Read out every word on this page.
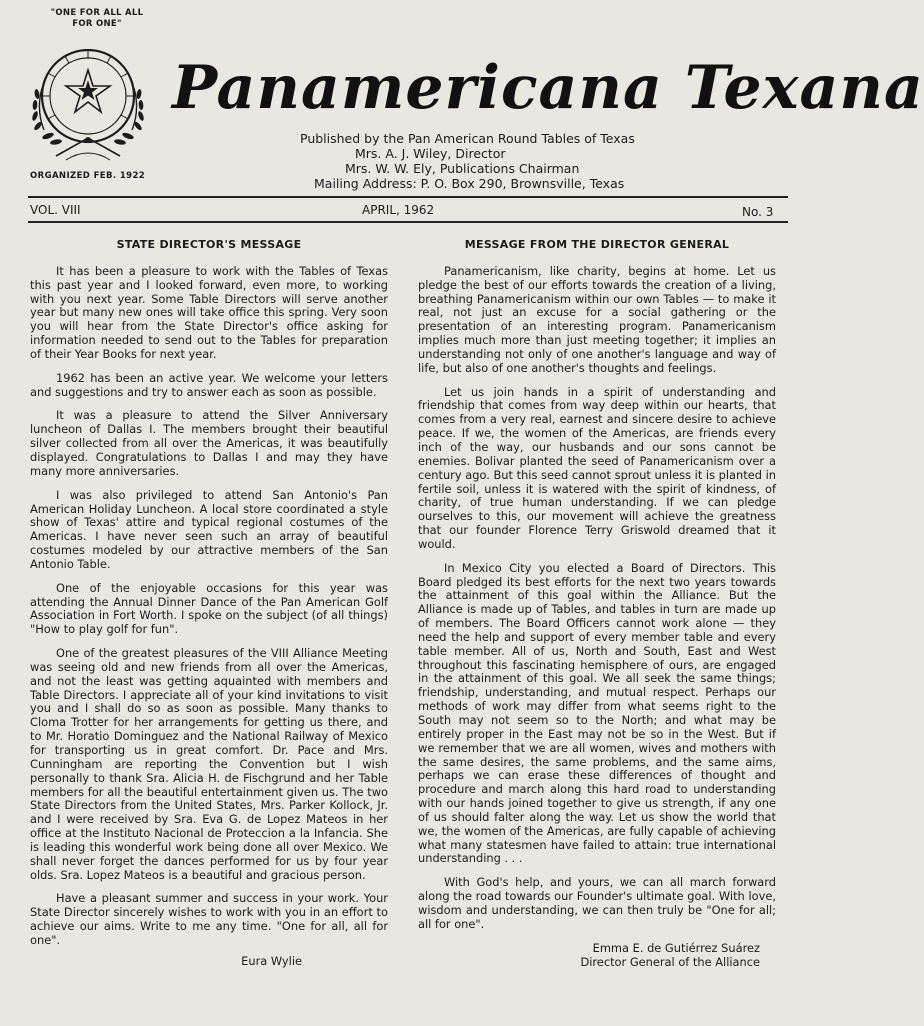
"ONE FOR ALL ALL FOR ONE"
ORGANIZED FEB. 1922
Panamericana Texana
Published by the Pan American Round Tables of Texas
Mrs. A. J. Wiley, Director
Mrs. W. W. Ely, Publications Chairman
Mailing Address: P. O. Box 290, Brownsville, Texas
VOL. VIII	APRIL, 1962	No. 3
STATE DIRECTOR'S MESSAGE

It has been a pleasure to work with the Tables of Texas this past year and I looked forward, even more, to working with you next year. Some Table Directors will serve another year but many new ones will take office this spring. Very soon you will hear from the State Director's office asking for information needed to send out to the Tables for preparation of their Year Books for next year.

1962 has been an active year. We welcome your letters and suggestions and try to answer each as soon as possible.

It was a pleasure to attend the Silver Anniversary luncheon of Dallas I. The members brought their beautiful silver collected from all over the Americas, it was beautifully displayed. Congratulations to Dallas I and may they have many more anniversaries.

I was also privileged to attend San Antonio's Pan American Holiday Luncheon. A local store coordinated a style show of Texas' attire and typical regional costumes of the Americas. I have never seen such an array of beautiful costumes modeled by our attractive members of the San Antonio Table.

One of the enjoyable occasions for this year was attending the Annual Dinner Dance of the Pan American Golf Association in Fort Worth. I spoke on the subject (of all things) "How to play golf for fun".

One of the greatest pleasures of the VIII Alliance Meeting was seeing old and new friends from all over the Americas, and not the least was getting aquainted with members and Table Directors. I appreciate all of your kind invitations to visit you and I shall do so as soon as possible. Many thanks to Cloma Trotter for her arrangements for getting us there, and to Mr. Horatio Dominguez and the National Railway of Mexico for transporting us in great comfort. Dr. Pace and Mrs. Cunningham are reporting the Convention but I wish personally to thank Sra. Alicia H. de Fischgrund and her Table members for all the beautiful entertainment given us. The two State Directors from the United States, Mrs. Parker Kollock, Jr. and I were received by Sra. Eva G. de Lopez Mateos in her office at the Instituto Nacional de Proteccion a la Infancia. She is leading this wonderful work being done all over Mexico. We shall never forget the dances performed for us by four year olds. Sra. Lopez Mateos is a beautiful and gracious person.

Have a pleasant summer and success in your work. Your State Director sincerely wishes to work with you in an effort to achieve our aims. Write to me any time. "One for all, all for one".

Eura Wylie
MESSAGE FROM THE DIRECTOR GENERAL

Panamericanism, like charity, begins at home. Let us pledge the best of our efforts towards the creation of a living, breathing Panamericanism within our own Tables — to make it real, not just an excuse for a social gathering or the presentation of an interesting program. Panamericanism implies much more than just meeting together; it implies an understanding not only of one another's language and way of life, but also of one another's thoughts and feelings.

Let us join hands in a spirit of understanding and friendship that comes from way deep within our hearts, that comes from a very real, earnest and sincere desire to achieve peace. If we, the women of the Americas, are friends every inch of the way, our husbands and our sons cannot be enemies. Bolivar planted the seed of Panamericanism over a century ago. But this seed cannot sprout unless it is planted in fertile soil, unless it is watered with the spirit of kindness, of charity, of true human understanding. If we can pledge ourselves to this, our movement will achieve the greatness that our founder Florence Terry Griswold dreamed that it would.

In Mexico City you elected a Board of Directors. This Board pledged its best efforts for the next two years towards the attainment of this goal within the Alliance. But the Alliance is made up of Tables, and tables in turn are made up of members. The Board Officers cannot work alone — they need the help and support of every member table and every table member. All of us, North and South, East and West throughout this fascinating hemisphere of ours, are engaged in the attainment of this goal. We all seek the same things; friendship, understanding, and mutual respect. Perhaps our methods of work may differ from what seems right to the South may not seem so to the North; and what may be entirely proper in the East may not be so in the West. But if we remember that we are all women, wives and mothers with the same desires, the same problems, and the same aims, perhaps we can erase these differences of thought and procedure and march along this hard road to understanding with our hands joined together to give us strength, if any one of us should falter along the way. Let us show the world that we, the women of the Americas, are fully capable of achieving what many statesmen have failed to attain: true international understanding . . .

With God's help, and yours, we can all march forward along the road towards our Founder's ultimate goal. With love, wisdom and understanding, we can then truly be "One for all; all for one".

Emma E. de Gutiérrez Suárez
Director General of the Alliance
